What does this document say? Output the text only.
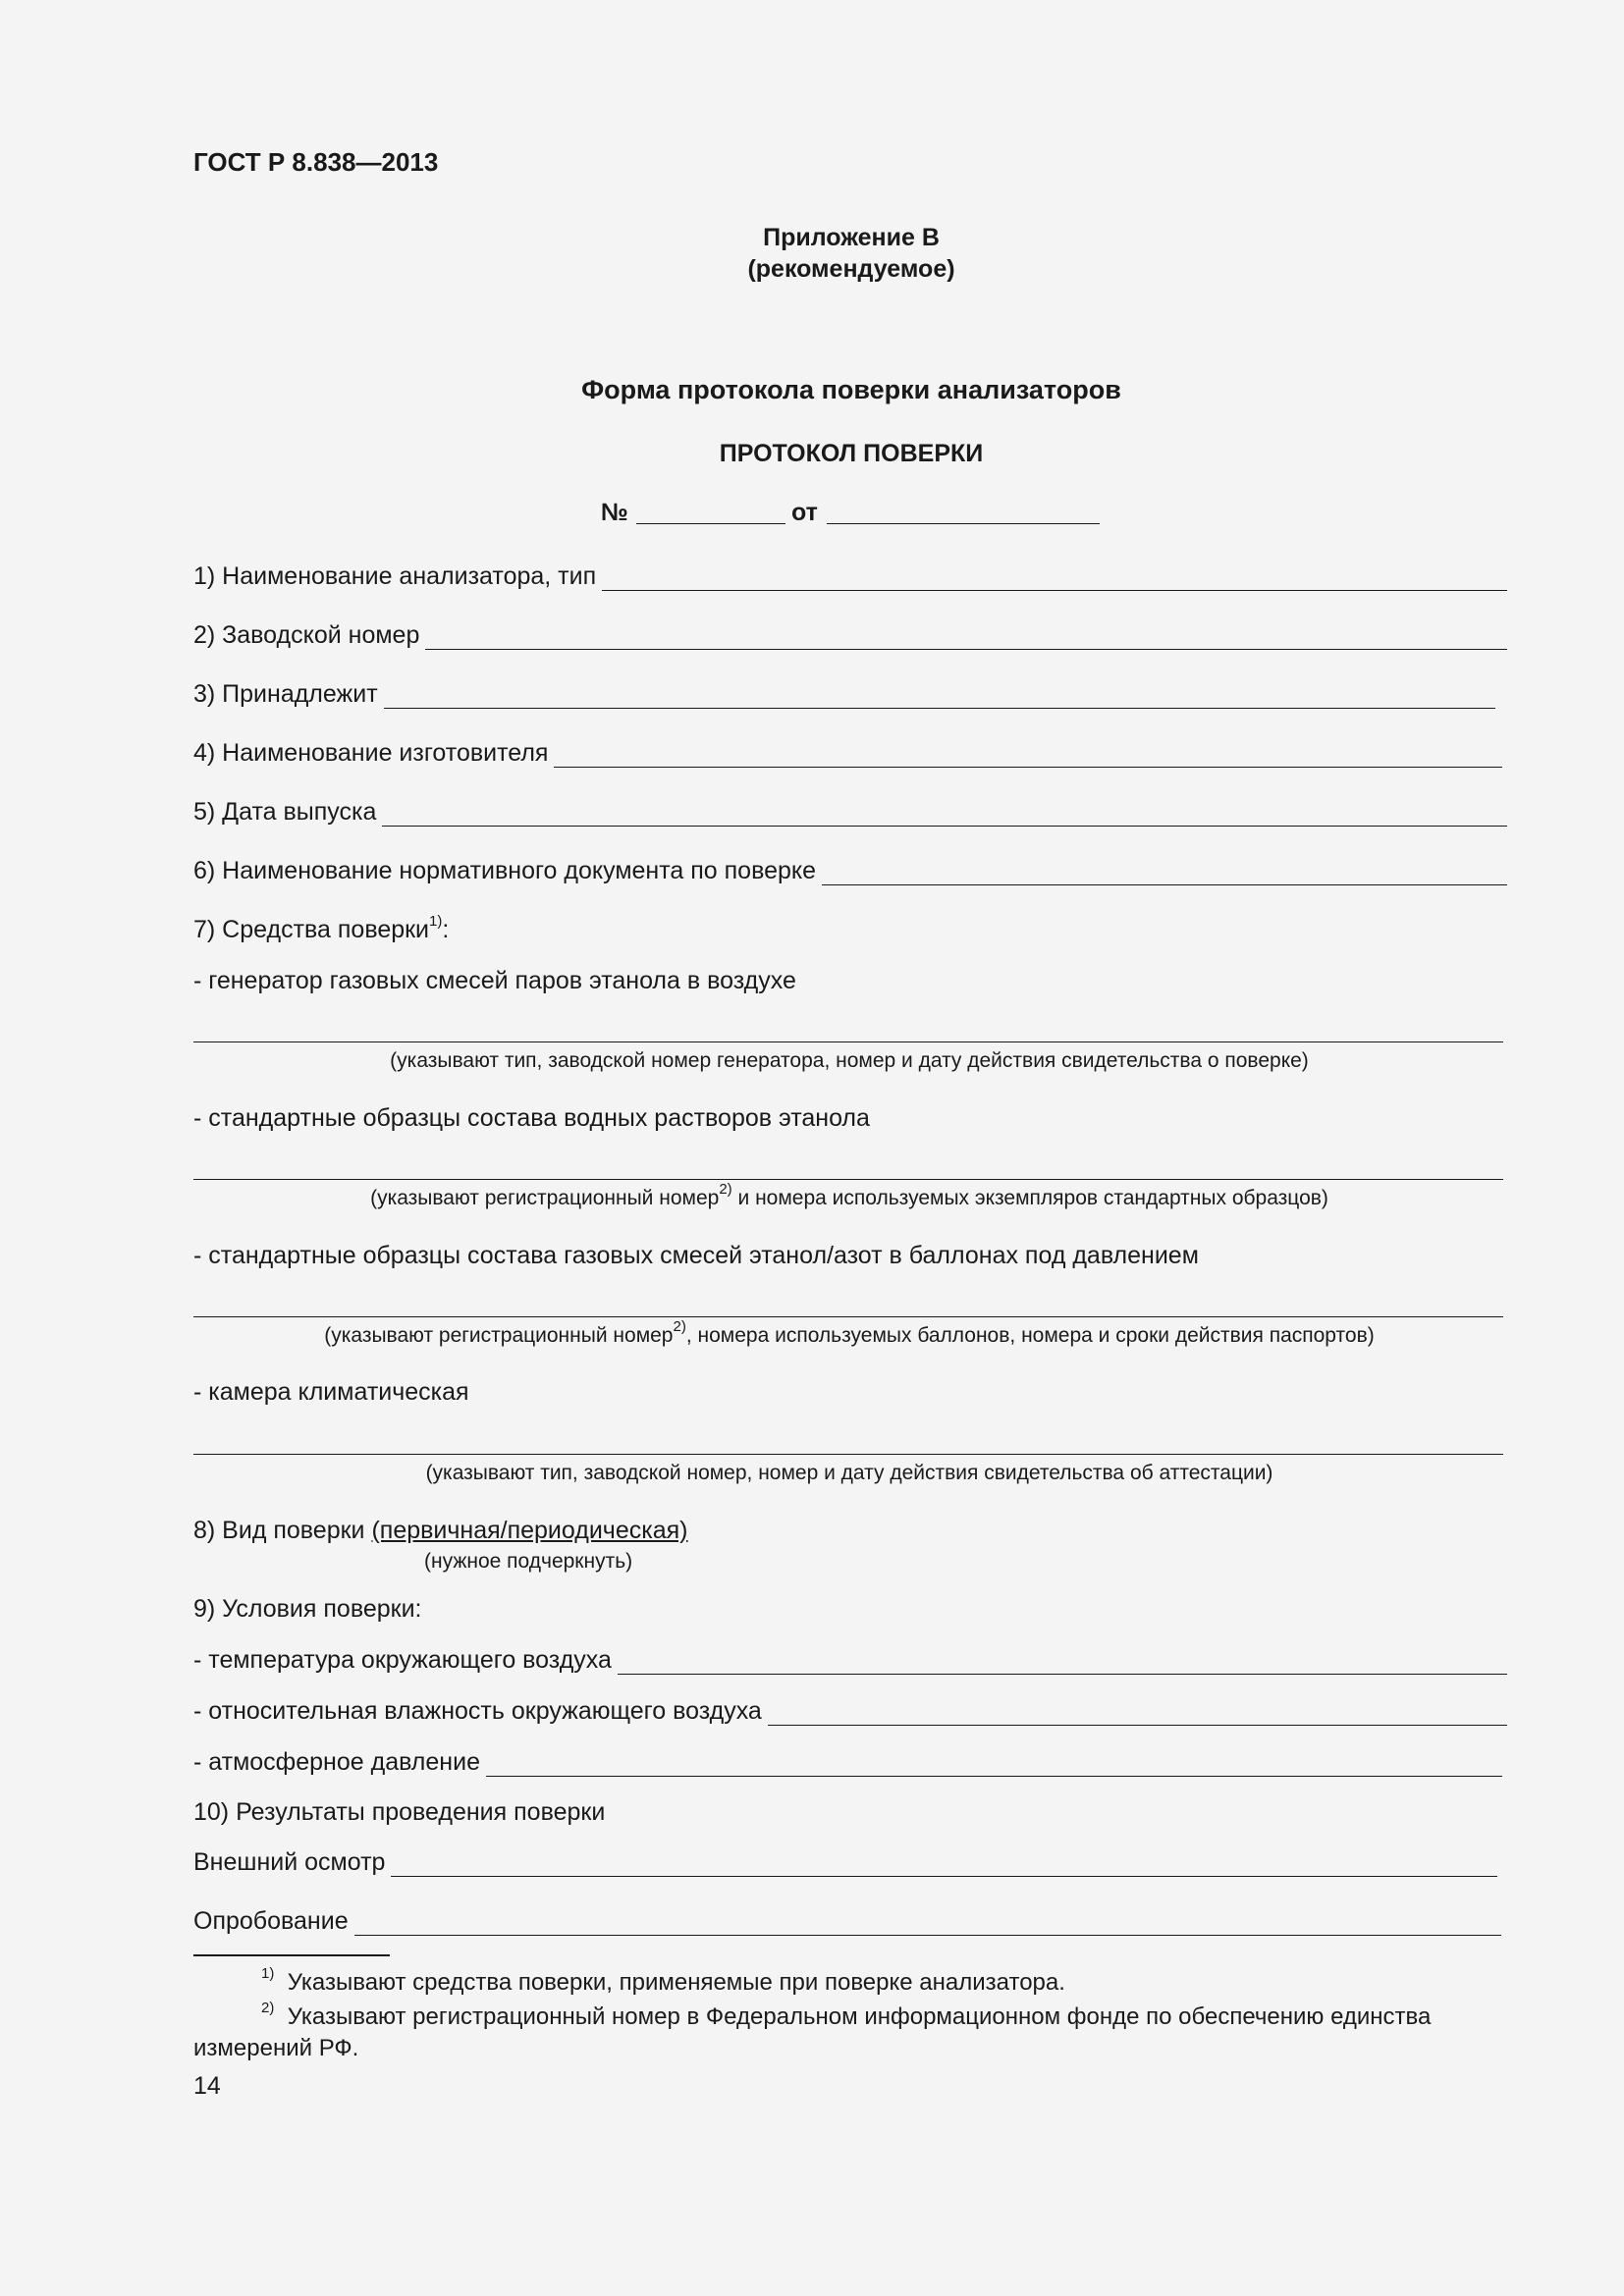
ГОСТ Р 8.838—2013
Приложение В
(рекомендуемое)
Форма протокола поверки анализаторов
ПРОТОКОЛ ПОВЕРКИ
№	от
1) Наименование анализатора, тип
2) Заводской номер
3) Принадлежит
4) Наименование изготовителя
5) Дата выпуска
6) Наименование нормативного документа по поверке
7) Средства поверки$^{1)}$:
- генератор газовых смесей паров этанола в воздухе
(указывают тип, заводской номер генератора, номер и дату действия свидетельства о поверке)
- стандартные образцы состава водных растворов этанола
(указывают регистрационный номер$^{2)}$ и номера используемых экземпляров стандартных образцов)
- стандартные образцы состава газовых смесей этанол/азот в баллонах под давлением
(указывают регистрационный номер$^{2)}$, номера используемых баллонов, номера и сроки действия паспортов)
- камера климатическая
(указывают тип, заводской номер, номер и дату действия свидетельства об аттестации)
8) Вид поверки (первичная/периодическая)
(нужное подчеркнуть)
9) Условия поверки:
- температура окружающего воздуха
- относительная влажность окружающего воздуха
- атмосферное давление
10) Результаты проведения поверки
Внешний осмотр
Опробование
$^{1)}$ Указывают средства поверки, применяемые при поверке анализатора.
$^{2)}$ Указывают регистрационный номер в Федеральном информационном фонде по обеспечению единства
измерений РФ.
14
